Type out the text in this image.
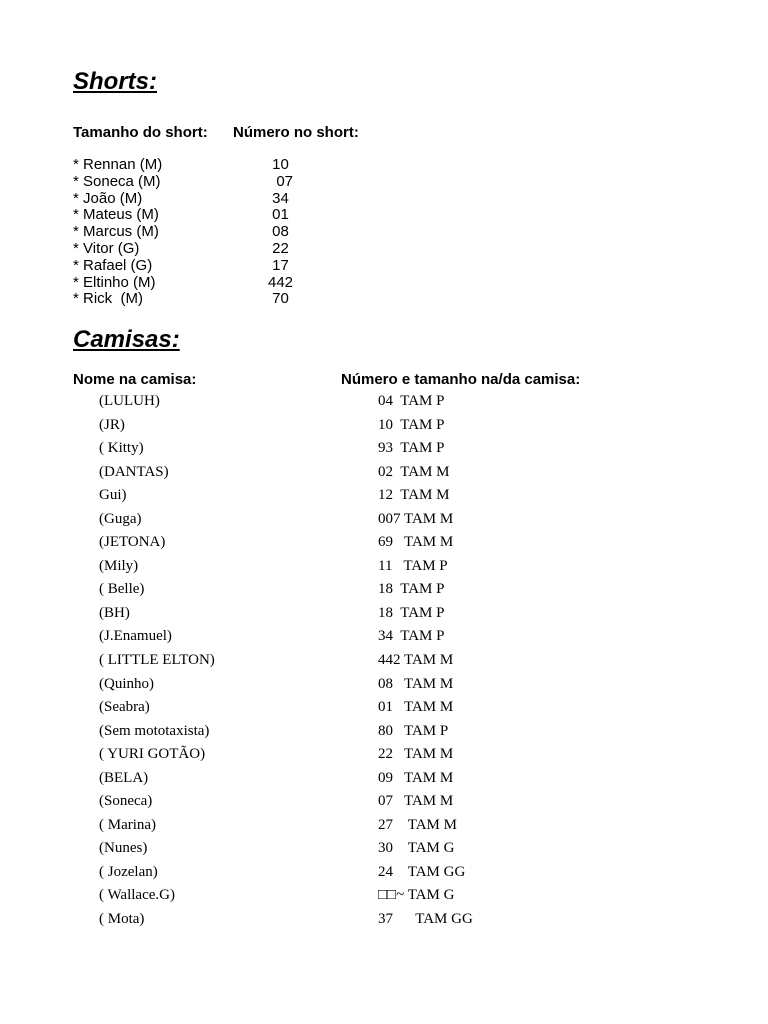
Shorts:
Tamanho do short: Número no short:
* Rennan (M)	10
* Soneca (M)	07
* João (M)	34
* Mateus (M)	01
* Marcus (M)	08
* Vitor (G)	22
* Rafael (G)	17
* Eltinho (M)	442
* Rick  (M)	70
Camisas:
Nome na camisa:	Número e tamanho na/da camisa:
(LULUH)	04  TAM P
(JR)	10  TAM P
( Kitty)	93  TAM P
(DANTAS)	02  TAM M
Gui)	12  TAM M
(Guga)	007 TAM M
(JETONA)	69   TAM M
(Mily)	11   TAM P
( Belle)	18  TAM P
(BH)	18  TAM P
(J.Enamuel)	34  TAM P
( LITTLE ELTON)	442 TAM M
(Quinho)	08   TAM M
(Seabra)	01   TAM M
(Sem mototaxista)	80   TAM P
( YURI GOTÃO)	22   TAM M
(BELA)	09   TAM M
(Soneca)	07   TAM M
( Marina)	27    TAM M
(Nunes)	30    TAM G
( Jozelan)	24    TAM GG
( Wallace.G)	□□~ TAM G
( Mota)	37      TAM GG
